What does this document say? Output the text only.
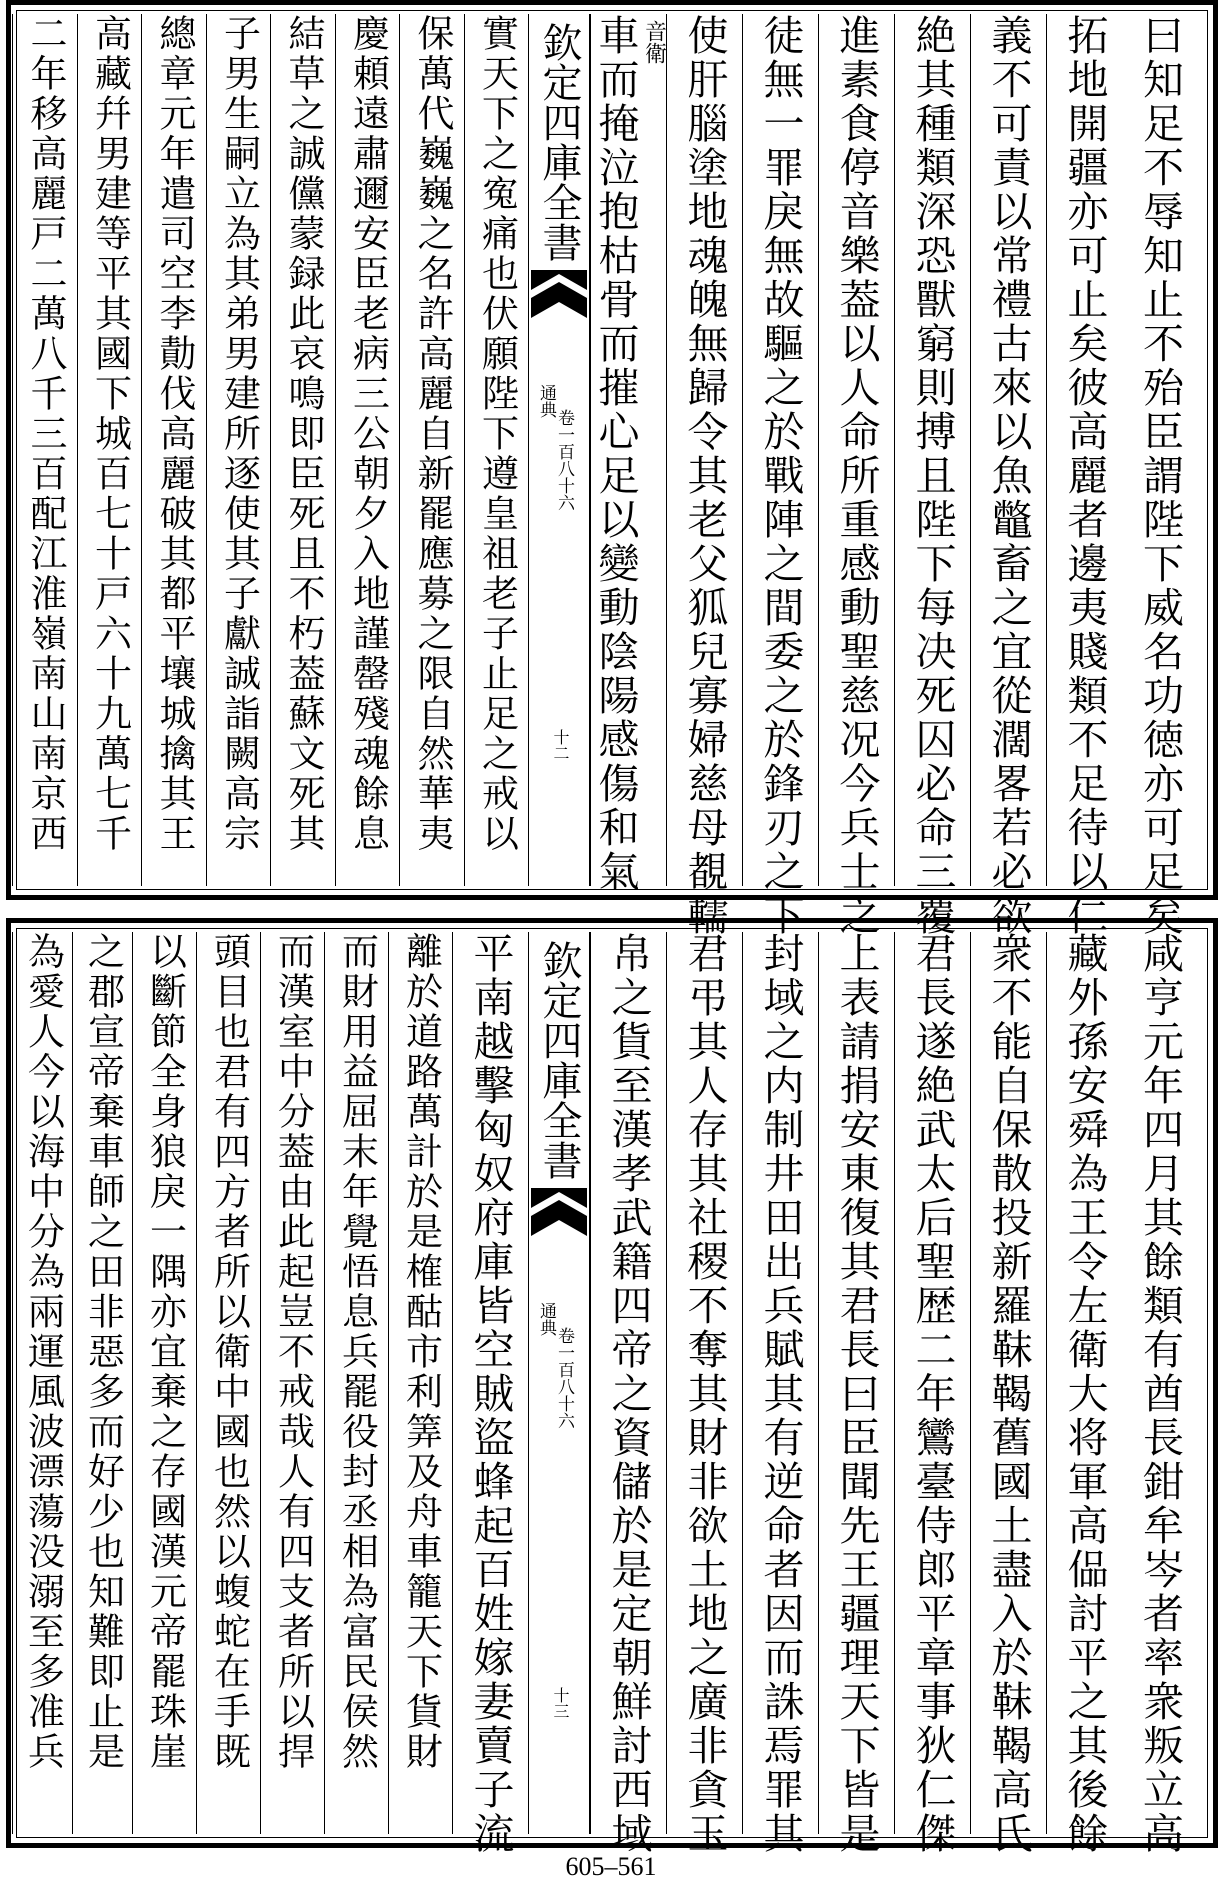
曰知足不辱知止不殆臣謂陛下威名功徳亦可足矣
拓地開疆亦可止矣彼高麗者邊夷賤類不足待以仁
義不可責以常禮古來以魚鼈畜之宜從濶畧若必欲
絶其種類深恐獸窮則搏且陛下每决死囚必命三覆
進素食停音樂葢以人命所重感動聖慈况今兵士之
徒無一罪戾無故驅之於戰陣之間委之於鋒刃之下
使肝腦塗地魂魄無歸令其老父狐兒寡婦慈母覩轜
車而掩泣抱枯骨而摧心足以變動陰陽感傷和氣 音衛
欽定四庫全書
通典
卷一百八十六
十二
實天下之寃痛也伏願陛下遵皇祖老子止足之戒以
保萬代巍巍之名許高麗自新罷應募之限自然華夷
慶頼遠肅邇安臣老病三公朝夕入地謹罄殘魂餘息
結草之誠儻蒙録此哀鳴即臣死且不朽葢蘇文死其
子男生嗣立為其弟男建所逐使其子獻誠詣闕高宗
總章元年遣司空李勣伐高麗破其都平壤城擒其王
高藏幷男建等平其國下城百七十戸六十九萬七千
二年移高麗戸二萬八千三百配江淮嶺南山南京西
咸亨元年四月其餘類有酋長鉗牟岑者率衆叛立高
藏外孫安舜為王令左衛大将軍高偘討平之其後餘
衆不能自保散投新羅靺鞨舊國土盡入於靺鞨高氏
君長遂絶武太后聖歴二年鸞臺侍郎平章事狄仁傑
上表請捐安東復其君長曰臣聞先王疆理天下皆是
封域之内制井田出兵賦其有逆命者因而誅焉罪其
君弔其人存其社稷不奪其財非欲土地之廣非貪玉
帛之貨至漢孝武籍四帝之資儲於是定朝鮮討西域
欽定四庫全書
通典
卷一百八十六
十三
平南越擊匈奴府庫皆空賊盜蜂起百姓嫁妻賣子流
離於道路萬計於是榷酤市利筭及舟車籠天下貨財
而財用益屈末年覺悟息兵罷役封丞相為富民侯然
而漢室中分葢由此起豈不戒哉人有四支者所以捍
頭目也君有四方者所以衛中國也然以蝮蛇在手既
以斷節全身狼戾一隅亦宜棄之存國漢元帝罷珠崖
之郡宣帝棄車師之田非惡多而好少也知難即止是
為愛人今以海中分為兩運風波漂蕩没溺至多准兵
605–561
